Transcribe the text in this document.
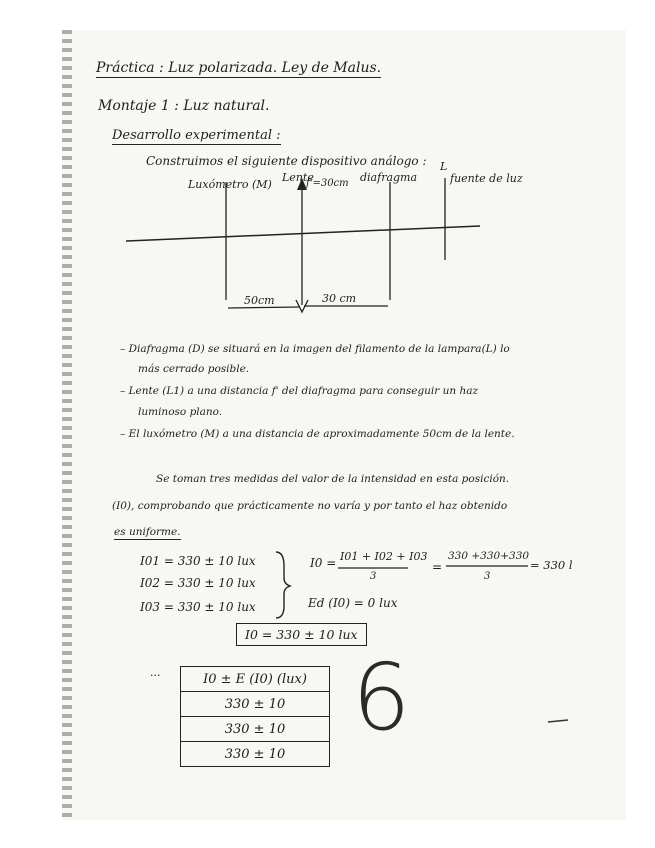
Práctica : Luz polarizada. Ley de Malus.
Montaje 1 : Luz natural.
Desarrollo experimental :
Construimos el siguiente dispositivo análogo :
Luxómetro (M)
Lente
f'=30cm diafragma
L
fuente de luz
50cm	30 cm
– Diafragma (D) se situará en la imagen del filamento de la lampara(L) lo
más cerrado posible.
– Lente (L1) a una distancia f' del diafragma para conseguir un haz
luminoso plano.
– El luxómetro (M) a una distancia de aproximadamente 50cm de la lente.
Se toman tres medidas del valor de la intensidad en esta posición.
(I0), comprobando que prácticamente no varía y por tanto el haz obtenido
es uniforme.
I01 = 330 ± 10 lux
I02 = 330 ± 10 lux
I03 = 330 ± 10 lux
I0 = I01 + I02 + I03
3
=
330 +330+330
3
= 330 l
Ed (I0) = 0 lux
I0 = 330 ± 10 lux
...	I0 ± E (I0) (lux)
330 ± 10
330 ± 10
330 ± 10
6
